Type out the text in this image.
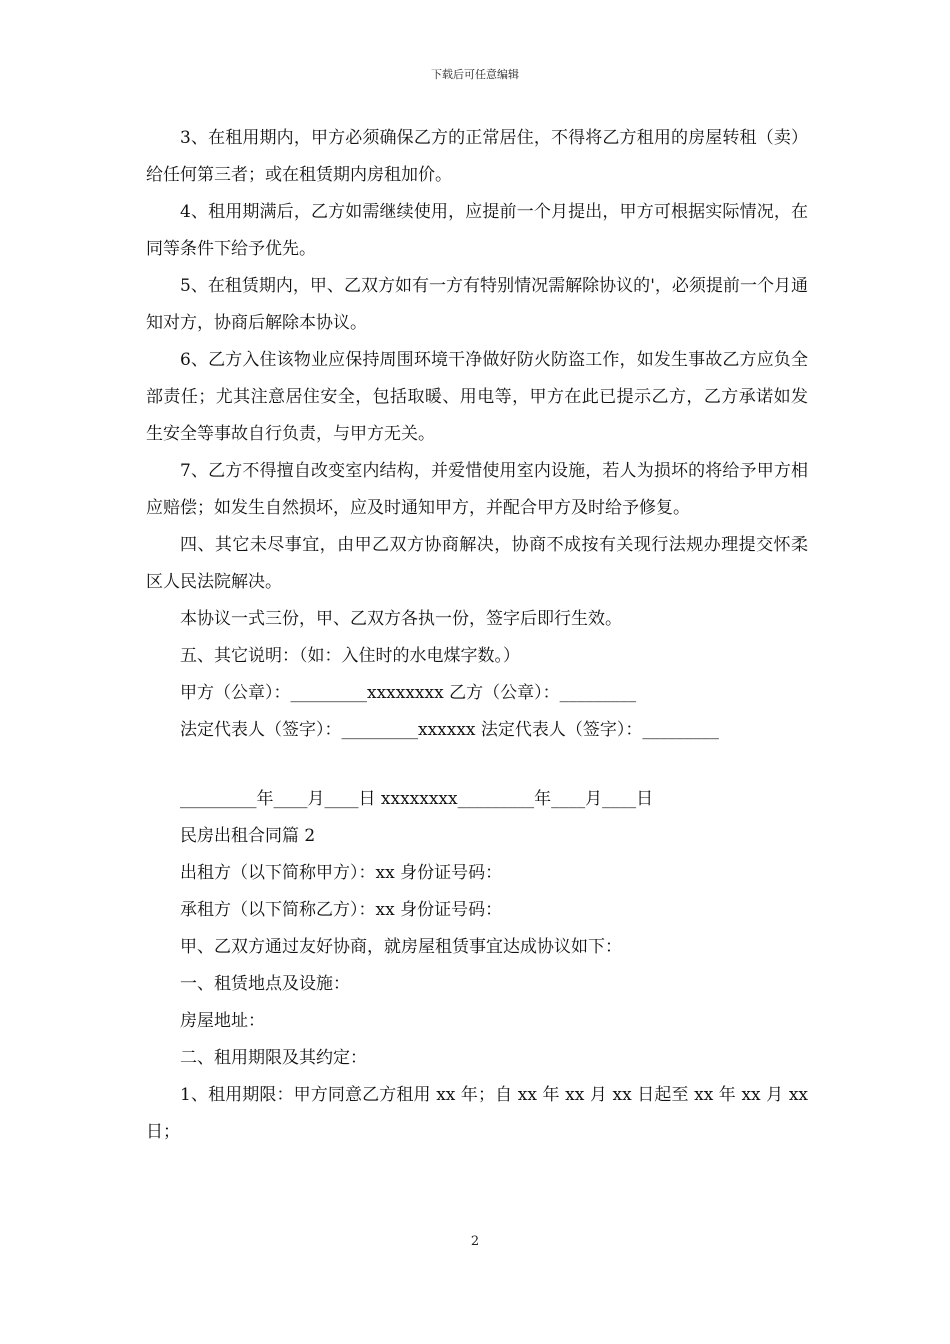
下载后可任意编辑

3、在租用期内，甲方必须确保乙方的正常居住，不得将乙方租用的房屋转租（卖）给任何第三者；或在租赁期内房租加价。

4、租用期满后，乙方如需继续使用，应提前一个月提出，甲方可根据实际情况，在同等条件下给予优先。

5、在租赁期内，甲、乙双方如有一方有特别情况需解除协议的'，必须提前一个月通知对方，协商后解除本协议。

6、乙方入住该物业应保持周围环境干净做好防火防盗工作，如发生事故乙方应负全部责任；尤其注意居住安全，包括取暖、用电等，甲方在此已提示乙方，乙方承诺如发生安全等事故自行负责，与甲方无关。

7、乙方不得擅自改变室内结构，并爱惜使用室内设施，若人为损坏的将给予甲方相应赔偿；如发生自然损坏，应及时通知甲方，并配合甲方及时给予修复。

四、其它未尽事宜，由甲乙双方协商解决，协商不成按有关现行法规办理提交怀柔区人民法院解决。

本协议一式三份，甲、乙双方各执一份，签字后即行生效。

五、其它说明：（如：入住时的水电煤字数。）

甲方（公章）：_________xxxxxxxx 乙方（公章）：_________

法定代表人（签字）：_________xxxxxx 法定代表人（签字）：_________

_________年____月____日 xxxxxxxx_________年____月____日

民房出租合同篇 2

出租方（以下简称甲方）：xx 身份证号码：

承租方（以下简称乙方）：xx 身份证号码：

甲、乙双方通过友好协商，就房屋租赁事宜达成协议如下：

一、租赁地点及设施：

房屋地址：

二、租用期限及其约定：

1、租用期限：甲方同意乙方租用 xx 年；自 xx 年 xx 月 xx 日起至 xx 年 xx 月 xx 日；

2
